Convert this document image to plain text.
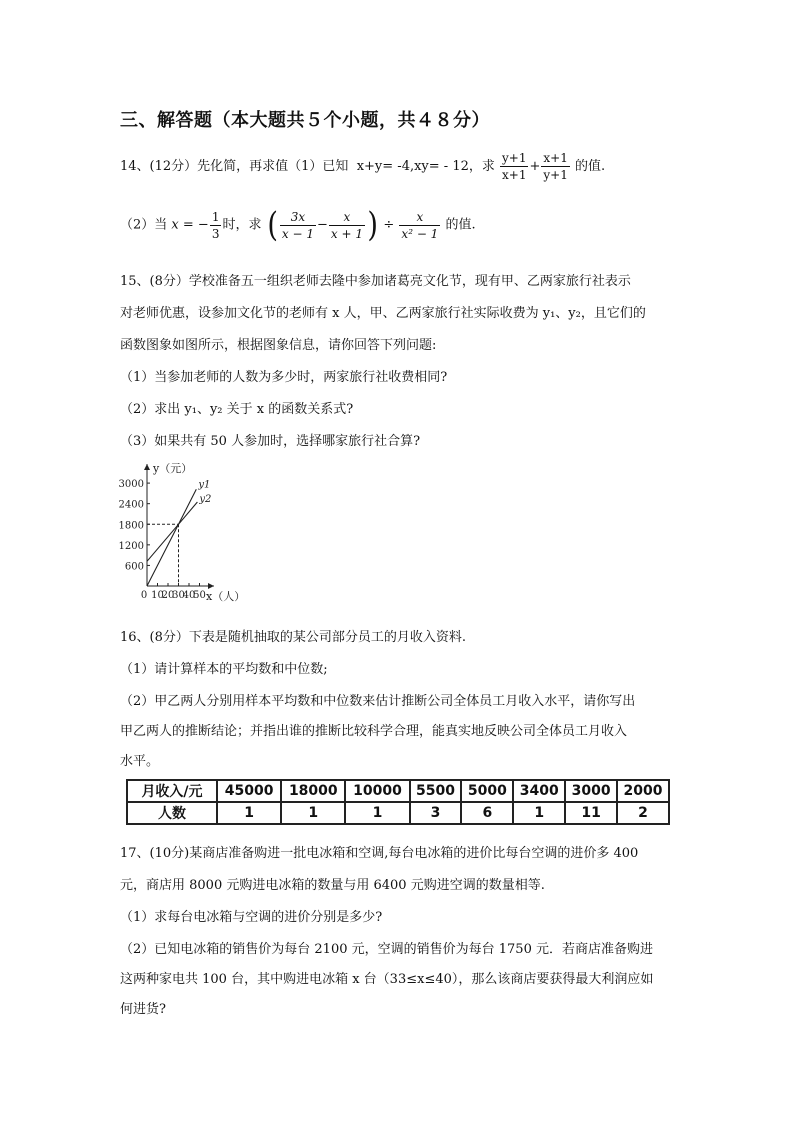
三、解答题（本大题共５个小题，共４８分）
14、(12分）先化简，再求值（1）已知 x+y= -4,xy= - 12，求 $\frac{y+1}{x+1} + \frac{x+1}{y+1}$ 的值.
（2）当 x = − $\frac{1}{3}$ 时，求 ( $\frac{3x}{x - 1} - \frac{x}{x + 1}$ ) ÷ $\frac{x}{\text{x² − 1}}$ 的值.
15、(8分）学校准备五一组织老师去隆中参加诸葛亮文化节，现有甲、乙两家旅行社表示
对老师优惠，设参加文化节的老师有 x 人，甲、乙两家旅行社实际收费为 y₁、y₂，且它们的
函数图象如图所示，根据图象信息，请你回答下列问题:
（1）当参加老师的人数为多少时，两家旅行社收费相同?
（2）求出 y₁、y₂ 关于 x 的函数关系式?
（3）如果共有 50 人参加时，选择哪家旅行社合算?
600
1200
1800
2400
3000
0 10
20
30
40
50
y（元）
x（人）
y1
y2
16、(8分）下表是随机抽取的某公司部分员工的月收入资料.
（1）请计算样本的平均数和中位数;
（2）甲乙两人分别用样本平均数和中位数来估计推断公司全体员工月收入水平，请你写出
甲乙两人的推断结论；并指出谁的推断比较科学合理，能真实地反映公司全体员工月收入
水平。
月收入/元	45000	18000	10000	5500	5000	3400	3000	2000
人数	1	1	1	3	6	1	11	2
17、(10分)某商店准备购进一批电冰箱和空调,每台电冰箱的进价比每台空调的进价多 400
元，商店用 8000 元购进电冰箱的数量与用 6400 元购进空调的数量相等.
（1）求每台电冰箱与空调的进价分别是多少?
（2）已知电冰箱的销售价为每台 2100 元，空调的销售价为每台 1750 元．若商店准备购进
这两种家电共 100 台，其中购进电冰箱 x 台（33≤x≤40），那么该商店要获得最大利润应如
何进货?
